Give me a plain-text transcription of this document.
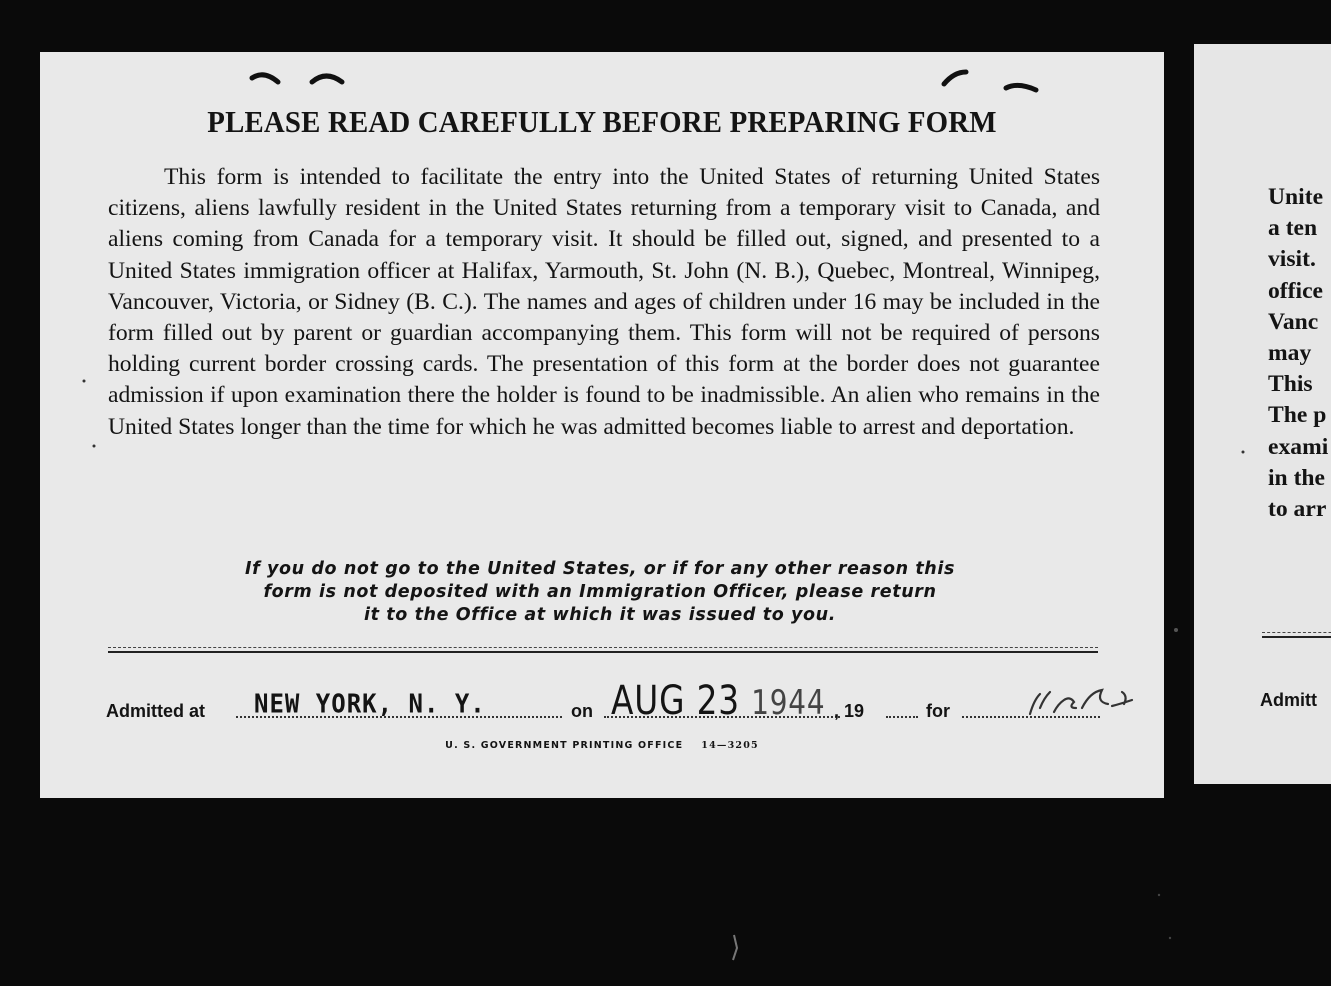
PLEASE READ CAREFULLY BEFORE PREPARING FORM

This form is intended to facilitate the entry into the United States of returning United States citizens, aliens lawfully resident in the United States returning from a temporary visit to Canada, and aliens coming from Canada for a temporary visit. It should be filled out, signed, and presented to a United States immigration officer at Halifax, Yarmouth, St. John (N. B.), Quebec, Montreal, Winnipeg, Vancouver, Victoria, or Sidney (B. C.). The names and ages of children under 16 may be included in the form filled out by parent or guardian accompanying them. This form will not be required of persons holding current border crossing cards. The presentation of this form at the border does not guarantee admission if upon examination there the holder is found to be inadmissible. An alien who remains in the United States longer than the time for which he was admitted becomes liable to arrest and deportation.

If you do not go to the United States, or if for any other reason this
form is not deposited with an Immigration Officer, please return
it to the Office at which it was issued to you.
Admitted at NEW YORK, N. Y.	on AUG 23 1944 , 19	for
U. S. GOVERNMENT PRINTING OFFICE 14—3205
Unite
a ten
visit.
office
Vanc
may
This
The p
exami
in the
to arr
Admitt
